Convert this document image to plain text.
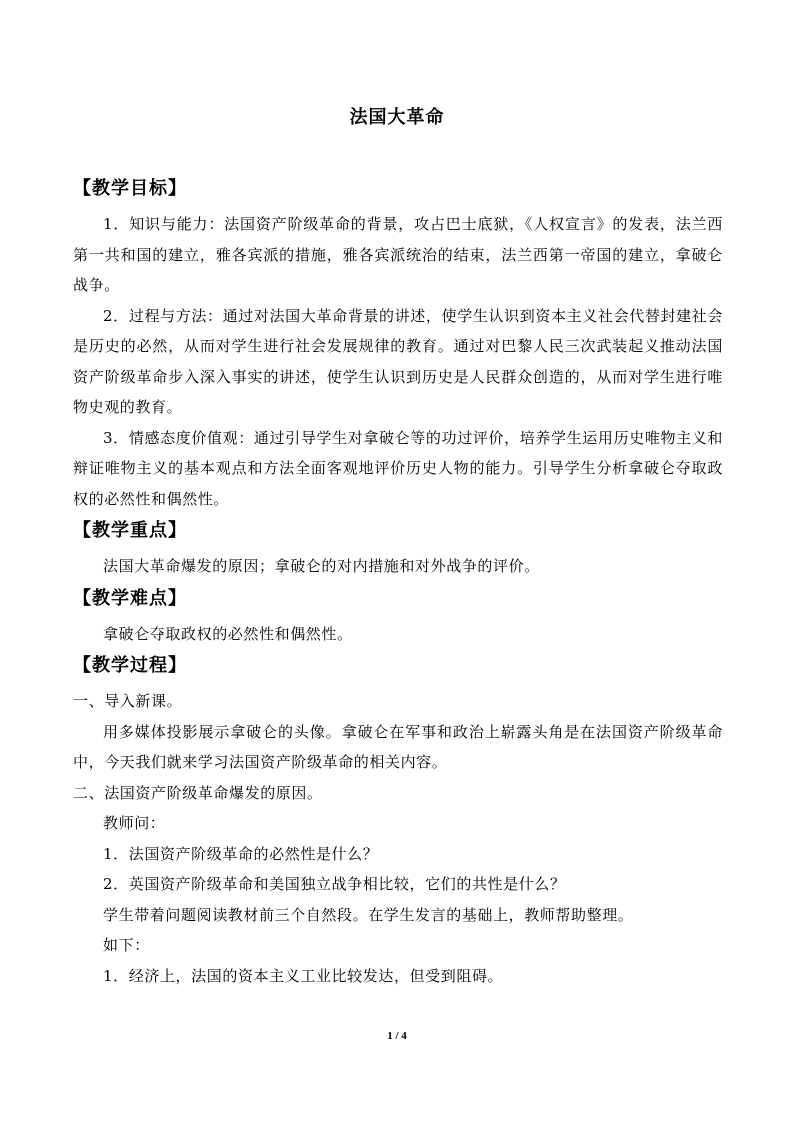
法国大革命
【教学目标】
1．知识与能力：法国资产阶级革命的背景，攻占巴士底狱，《人权宣言》的发表，法兰西第一共和国的建立，雅各宾派的措施，雅各宾派统治的结束，法兰西第一帝国的建立，拿破仑战争。
2．过程与方法：通过对法国大革命背景的讲述，使学生认识到资本主义社会代替封建社会是历史的必然，从而对学生进行社会发展规律的教育。通过对巴黎人民三次武装起义推动法国资产阶级革命步入深入事实的讲述，使学生认识到历史是人民群众创造的，从而对学生进行唯物史观的教育。
3．情感态度价值观：通过引导学生对拿破仑等的功过评价，培养学生运用历史唯物主义和辩证唯物主义的基本观点和方法全面客观地评价历史人物的能力。引导学生分析拿破仑夺取政权的必然性和偶然性。
【教学重点】
法国大革命爆发的原因；拿破仑的对内措施和对外战争的评价。
【教学难点】
拿破仑夺取政权的必然性和偶然性。
【教学过程】
一、导入新课。
用多媒体投影展示拿破仑的头像。拿破仑在军事和政治上崭露头角是在法国资产阶级革命中，今天我们就来学习法国资产阶级革命的相关内容。
二、法国资产阶级革命爆发的原因。
教师问：
1．法国资产阶级革命的必然性是什么？
2．英国资产阶级革命和美国独立战争相比较，它们的共性是什么？
学生带着问题阅读教材前三个自然段。在学生发言的基础上，教师帮助整理。
如下：
1．经济上，法国的资本主义工业比较发达，但受到阻碍。
1 / 4
